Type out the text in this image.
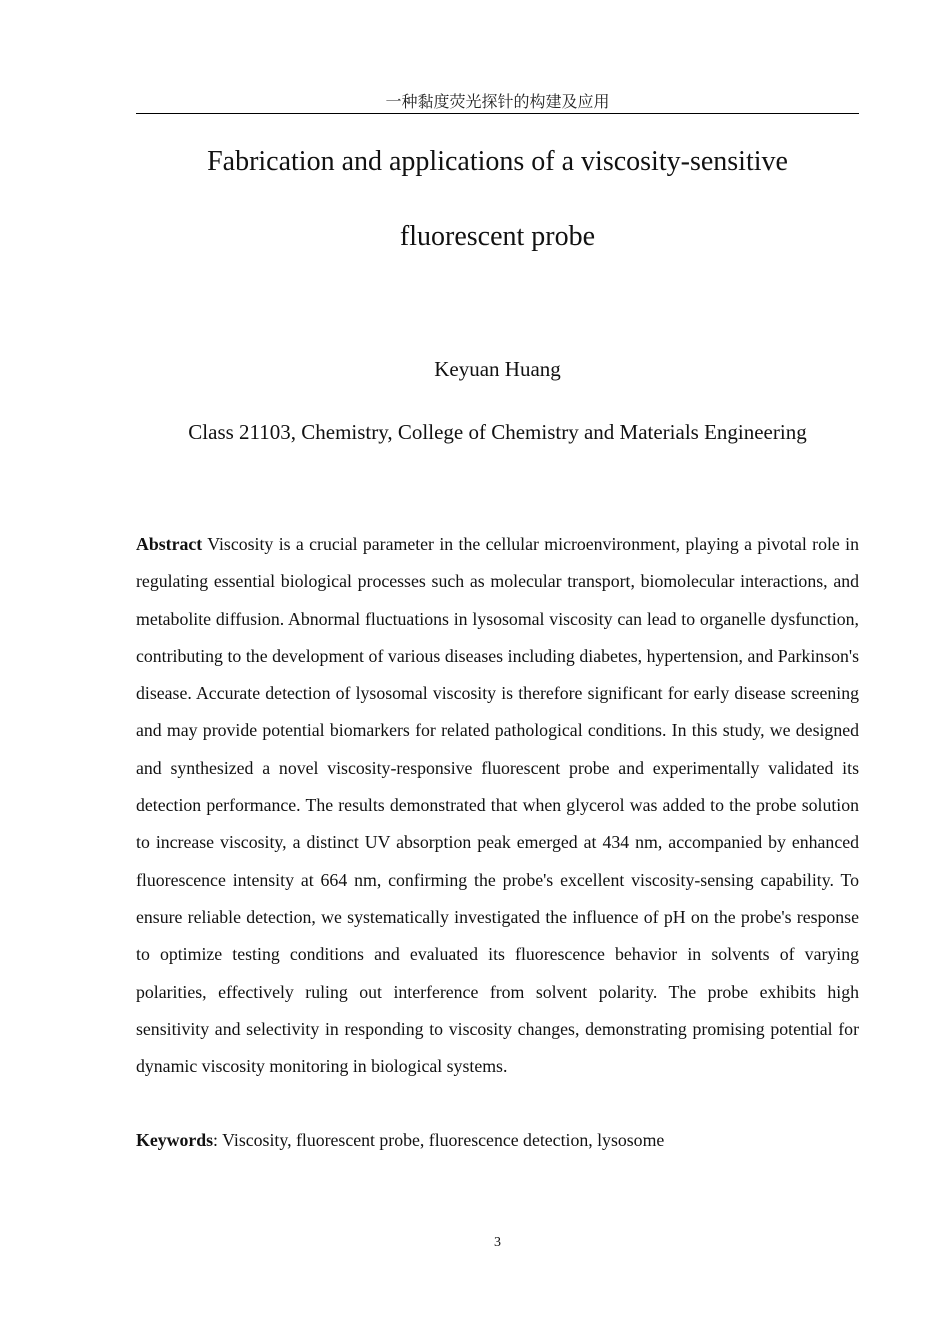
一种黏度荧光探针的构建及应用
Fabrication and applications of a viscosity-sensitive
fluorescent probe
Keyuan Huang
Class 21103, Chemistry, College of Chemistry and Materials Engineering

Abstract Viscosity is a crucial parameter in the cellular microenvironment, playing a pivotal role in regulating essential biological processes such as molecular transport, biomolecular interactions, and metabolite diffusion. Abnormal fluctuations in lysosomal viscosity can lead to organelle dysfunction, contributing to the development of various diseases including diabetes, hypertension, and Parkinson's disease. Accurate detection of lysosomal viscosity is therefore significant for early disease screening and may provide potential biomarkers for related pathological conditions. In this study, we designed and synthesized a novel viscosity-responsive fluorescent probe and experimentally validated its detection performance. The results demonstrated that when glycerol was added to the probe solution to increase viscosity, a distinct UV absorption peak emerged at 434 nm, accompanied by enhanced fluorescence intensity at 664 nm, confirming the probe's excellent viscosity-sensing capability. To ensure reliable detection, we systematically investigated the influence of pH on the probe's response to optimize testing conditions and evaluated its fluorescence behavior in solvents of varying polarities, effectively ruling out interference from solvent polarity. The probe exhibits high sensitivity and selectivity in responding to viscosity changes, demonstrating promising potential for dynamic viscosity monitoring in biological systems.

Keywords: Viscosity, fluorescent probe, fluorescence detection, lysosome

3
